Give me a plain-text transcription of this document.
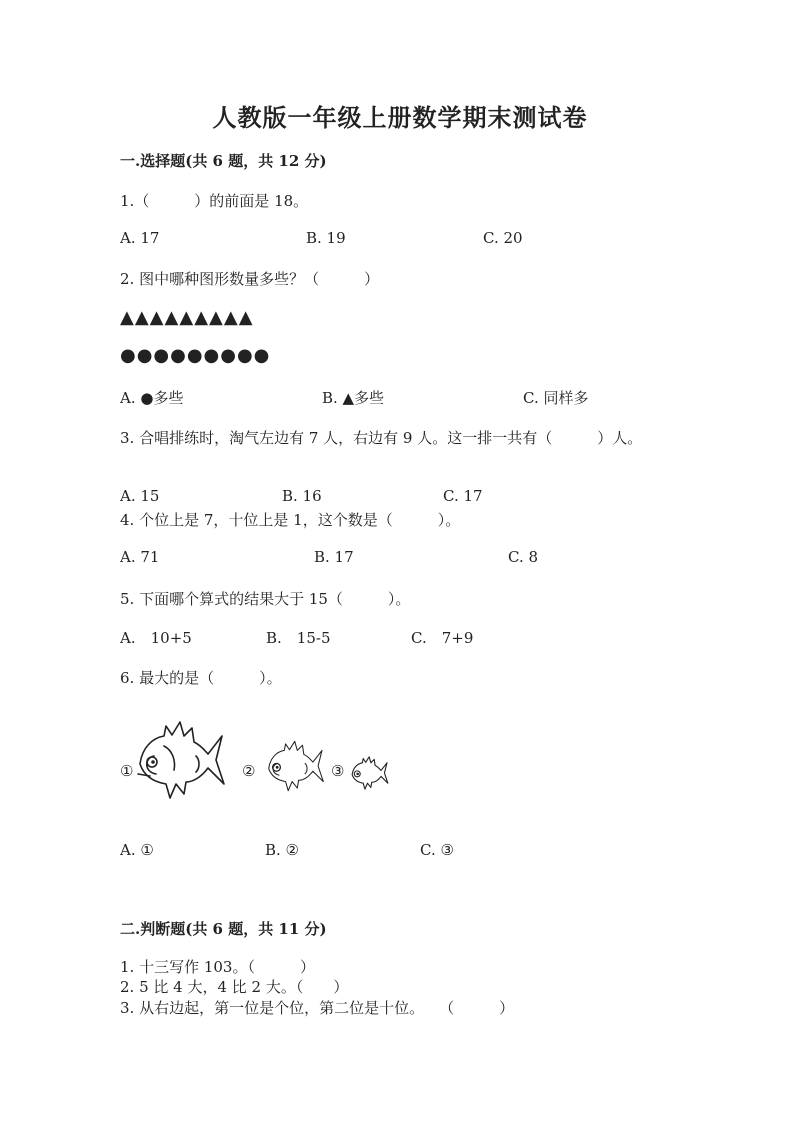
人教版一年级上册数学期末测试卷
一.选择题(共 6 题，共 12 分)
1.（　　　）的前面是 18。
A. 17	B. 19	C. 20
2. 图中哪种图形数量多些？（　　　）
▲▲▲▲▲▲▲▲▲
●●●●●●●●●
A. ●多些	B. ▲多些	C. 同样多
3. 合唱排练时，淘气左边有 7 人，右边有 9 人。这一排一共有（　　　）人。
A. 15	B. 16	C. 17
4. 个位上是 7，十位上是 1，这个数是（　　　）。
A. 71	B. 17	C. 8
5. 下面哪个算式的结果大于 15（　　　）。
A.　10+5	B.　15-5	C.　7+9
6. 最大的是（　　　）。
①	②	③
A. ①	B. ②	C. ③
二.判断题(共 6 题，共 11 分)
1. 十三写作 103。（　　　）
2. 5 比 4 大，4 比 2 大。（　　）
3. 从右边起，第一位是个位，第二位是十位。　　（　　　）
